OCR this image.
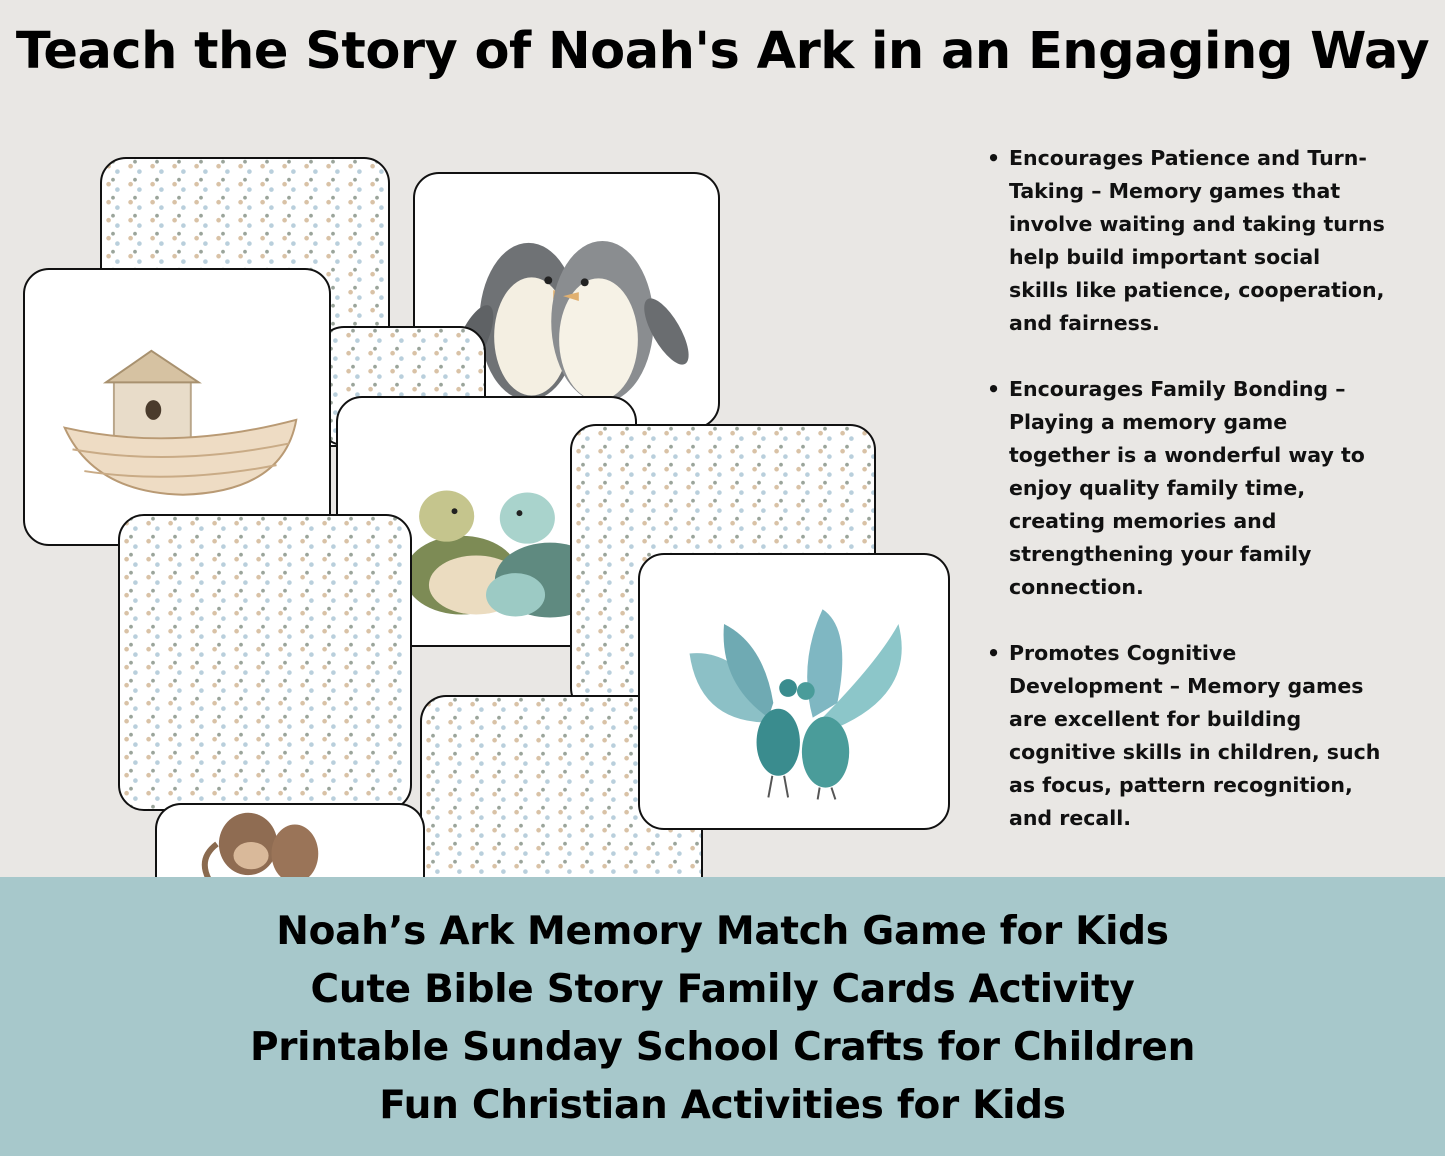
Teach the Story of Noah's Ark in an Engaging Way
• Encourages Patience and Turn-Taking – Memory games that involve waiting and taking turns help build important social skills like patience, cooperation, and fairness.
• Encourages Family Bonding – Playing a memory game together is a wonderful way to enjoy quality family time, creating memories and strengthening your family connection.
• Promotes Cognitive Development – Memory games are excellent for building cognitive skills in children, such as focus, pattern recognition, and recall.
Noah’s Ark Memory Match Game for Kids
Cute Bible Story Family Cards Activity
Printable Sunday School Crafts for Children
Fun Christian Activities for Kids
